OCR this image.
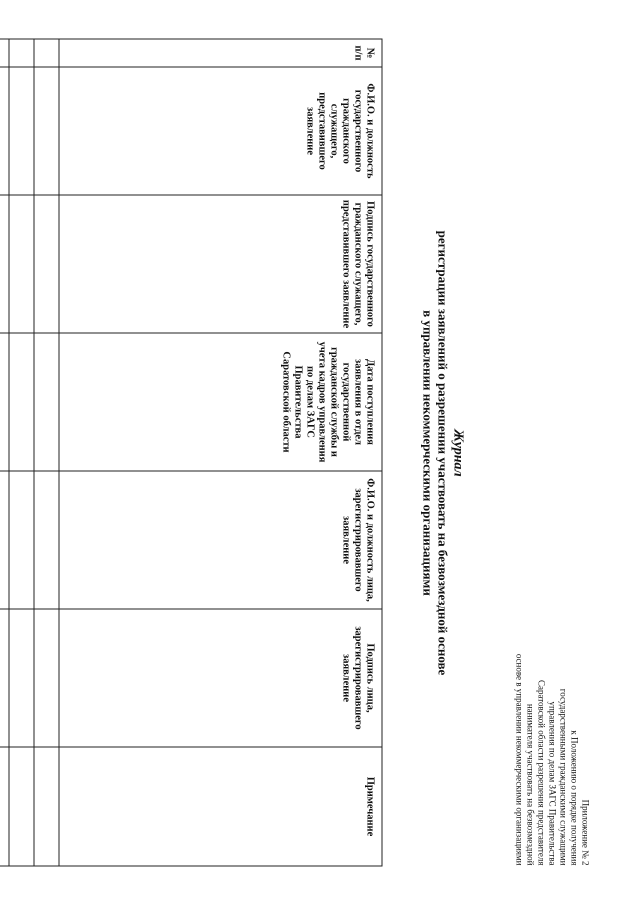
Приложение № 2
к Положению о порядке получения
государственными гражданскими служащими
управления по делам ЗАГС Правительства
Саратовской области разрешения представителя
нанимателя участвовать на безвозмездной
основе в управлении некоммерческими организациями
Журнал
регистрации заявлений о разрешении участвовать на безвозмездной основе
в управлении некоммерческими организациями
№ п/п	Ф.И.О. и должность государственного гражданского служащего, представившего заявление	Подпись государственного гражданского служащего, представившего заявление	Дата поступления заявления в отдел государственной гражданской службы и учета кадров управления по делам ЗАГС Правительства Саратовской области	Ф.И.О. и должность лица, зарегистрировавшего заявление	Подпись лица, зарегистрировавшего заявление	Примечание
